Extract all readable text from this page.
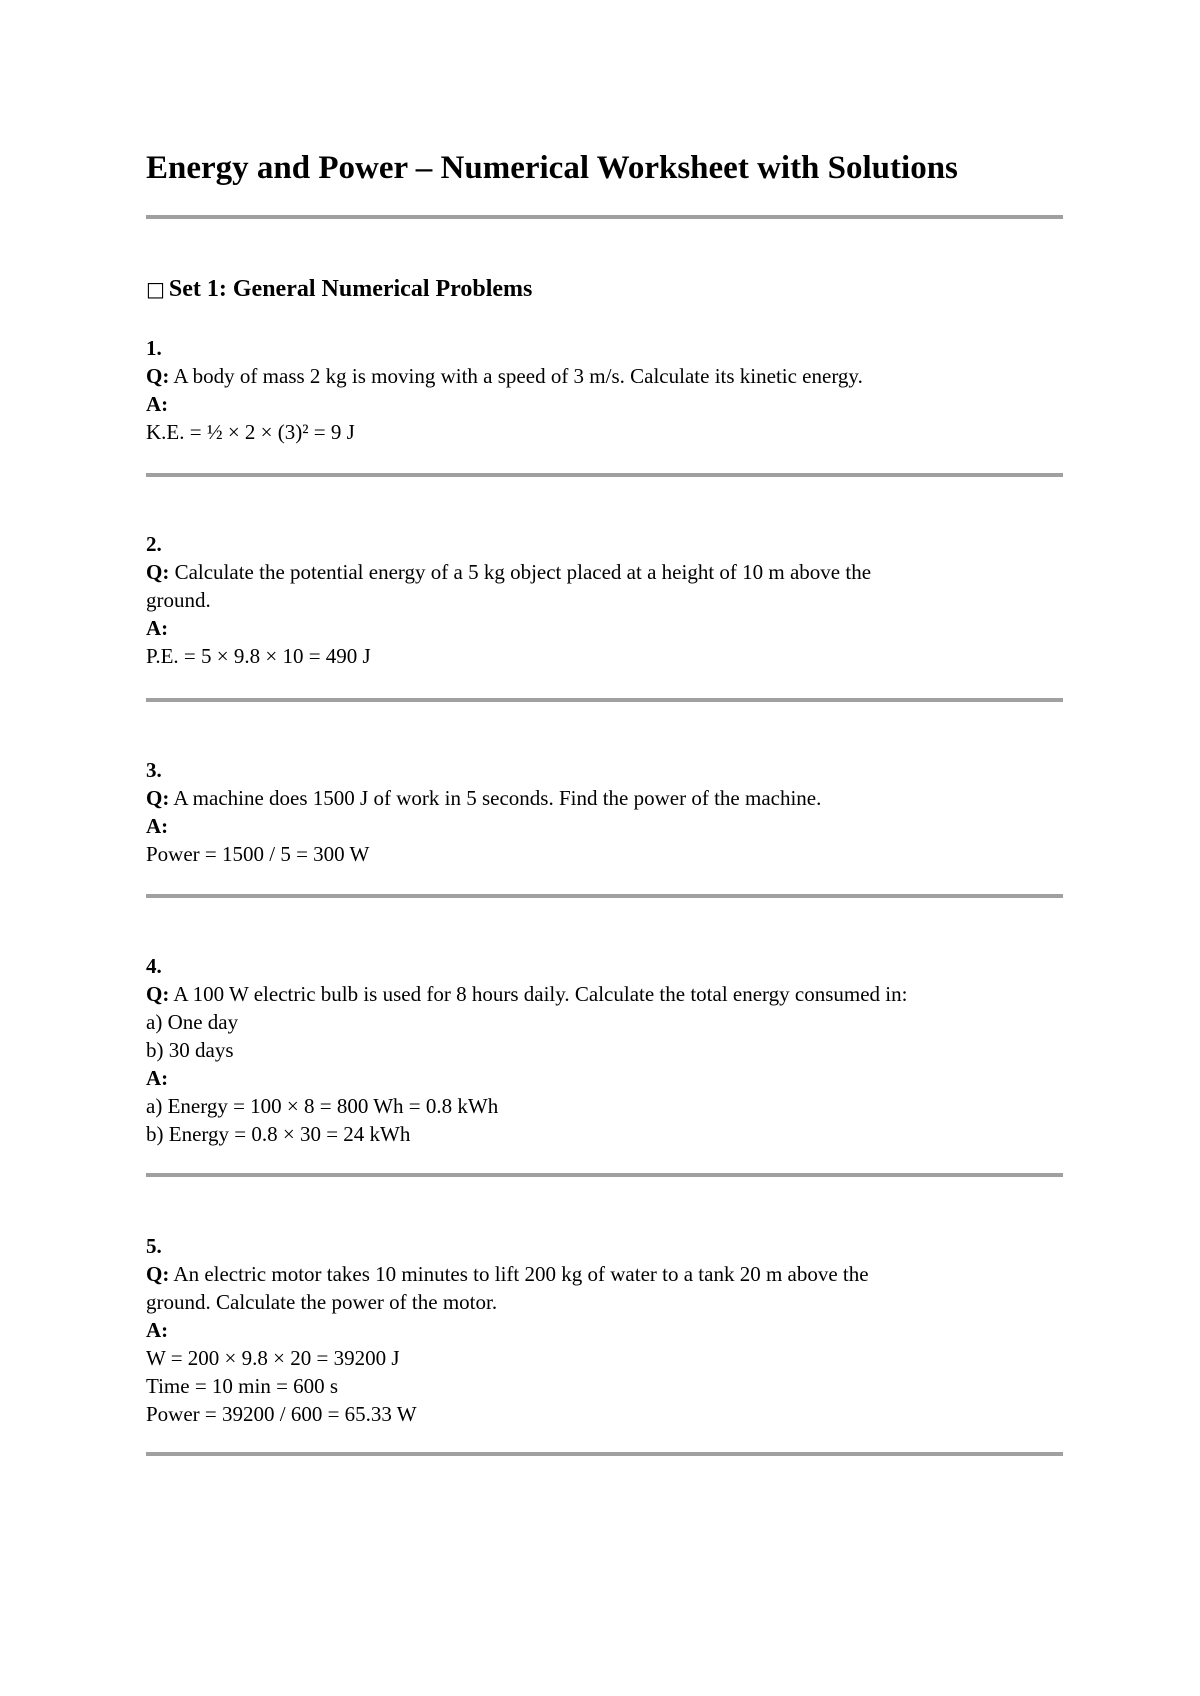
Energy and Power – Numerical Worksheet with Solutions
□ Set 1: General Numerical Problems
1.
Q: A body of mass 2 kg is moving with a speed of 3 m/s. Calculate its kinetic energy.
A:
K.E. = ½ × 2 × (3)² = 9 J
2.
Q: Calculate the potential energy of a 5 kg object placed at a height of 10 m above the
ground.
A:
P.E. = 5 × 9.8 × 10 = 490 J
3.
Q: A machine does 1500 J of work in 5 seconds. Find the power of the machine.
A:
Power = 1500 / 5 = 300 W
4.
Q: A 100 W electric bulb is used for 8 hours daily. Calculate the total energy consumed in:
a) One day
b) 30 days
A:
a) Energy = 100 × 8 = 800 Wh = 0.8 kWh
b) Energy = 0.8 × 30 = 24 kWh
5.
Q: An electric motor takes 10 minutes to lift 200 kg of water to a tank 20 m above the
ground. Calculate the power of the motor.
A:
W = 200 × 9.8 × 20 = 39200 J
Time = 10 min = 600 s
Power = 39200 / 600 = 65.33 W
